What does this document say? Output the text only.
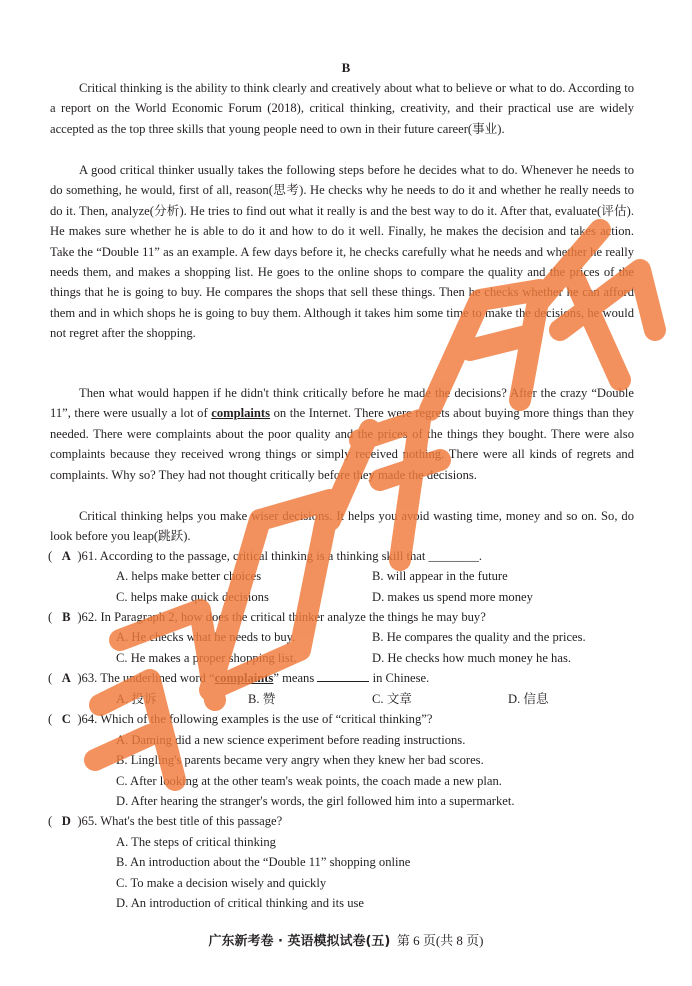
B

Critical thinking is the ability to think clearly and creatively about what to believe or what to do. According to a report on the World Economic Forum (2018), critical thinking, creativity, and their practical use are widely accepted as the top three skills that young people need to own in their future career(事业).

A good critical thinker usually takes the following steps before he decides what to do. Whenever he needs to do something, he would, first of all, reason(思考). He checks why he needs to do it and whether he really needs to do it. Then, analyze(分析). He tries to find out what it really is and the best way to do it. After that, evaluate(评估). He makes sure whether he is able to do it and how to do it well. Finally, he makes the decision and takes action. Take the “Double 11” as an example. A few days before it, he checks carefully what he needs and whether he really needs them, and makes a shopping list. He goes to the online shops to compare the quality and the prices of the things that he is going to buy. He compares the shops that sell these things. Then he checks whether he can afford them and in which shops he is going to buy them. Although it takes him some time to make the decisions, he would not regret after the shopping.

Then what would happen if he didn't think critically before he made the decisions? After the crazy “Double 11”, there were usually a lot of complaints on the Internet. There were regrets about buying more things than they needed. There were complaints about the poor quality and the prices of the things they bought. There were also complaints because they received wrong things or simply received nothing. There were all kinds of regrets and complaints. Why so? They had not thought critically before they made the decisions.

Critical thinking helps you make wiser decisions. It helps you avoid wasting time, money and so on. So, do look before you leap(跳跃).

( A )61. According to the passage, critical thinking is a thinking skill that ________.
A. helps make better choices	B. will appear in the future
C. helps make quick decisions	D. makes us spend more money
( B )62. In Paragraph 2, how does the critical thinker analyze the things he may buy?
A. He checks what he needs to buy.	B. He compares the quality and the prices.
C. He makes a proper shopping list.	D. He checks how much money he has.
( A )63. The underlined word “complaints” means	in Chinese.
A. 投诉	B. 赞	C. 文章	D. 信息
( C )64. Which of the following examples is the use of “critical thinking”?
A. Daming did a new science experiment before reading instructions.
B. Lingling's parents became very angry when they knew her bad scores.
C. After looking at the other team's weak points, the coach made a new plan.
D. After hearing the stranger's words, the girl followed him into a supermarket.
( D )65. What's the best title of this passage?
A. The steps of critical thinking
B. An introduction about the “Double 11” shopping online
C. To make a decision wisely and quickly
D. An introduction of critical thinking and its use
广东新考卷 · 英语模拟试卷(五) 第 6 页(共 8 页)
